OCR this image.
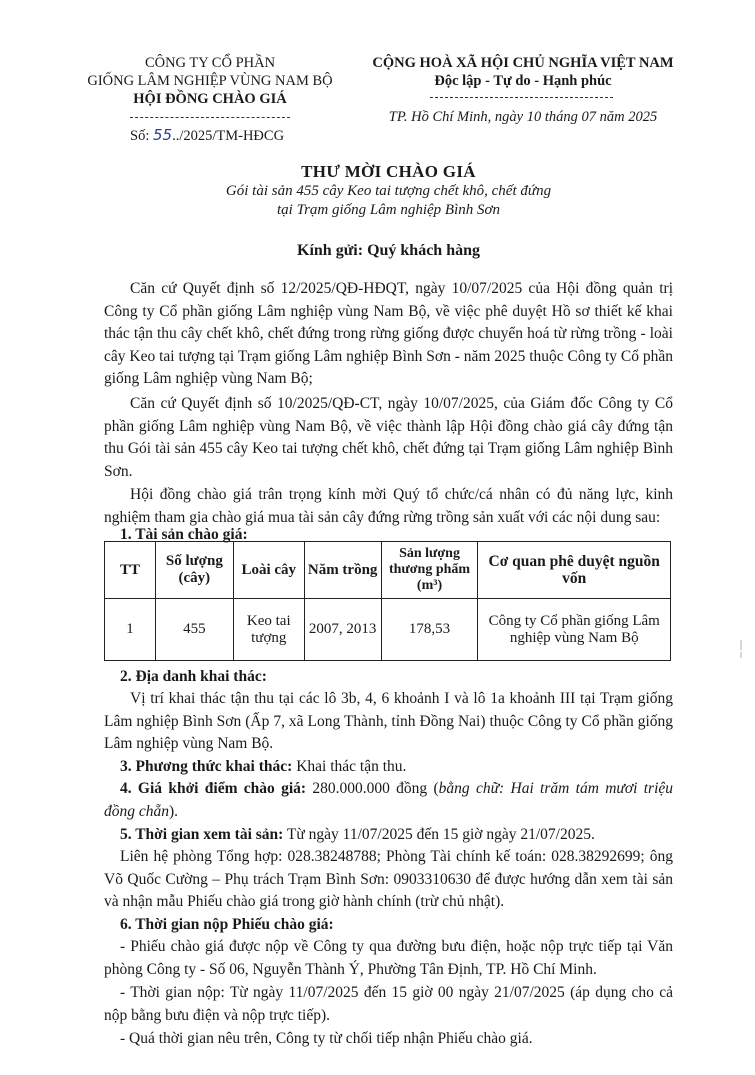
CÔNG TY CỔ PHẦN
GIỐNG LÂM NGHIỆP VÙNG NAM BỘ
HỘI ĐỒNG CHÀO GIÁ
Số: 55../2025/TM-HĐCG
CỘNG HOÀ XÃ HỘI CHỦ NGHĨA VIỆT NAM
Độc lập - Tự do - Hạnh phúc
TP. Hồ Chí Minh, ngày 10 tháng 07 năm 2025
THƯ MỜI CHÀO GIÁ
Gói tài sản 455 cây Keo tai tượng chết khô, chết đứng
tại Trạm giống Lâm nghiệp Bình Sơn
Kính gửi: Quý khách hàng
Căn cứ Quyết định số 12/2025/QĐ-HĐQT, ngày 10/07/2025 của Hội đồng quản trị Công ty Cổ phần giống Lâm nghiệp vùng Nam Bộ, về việc phê duyệt Hồ sơ thiết kế khai thác tận thu cây chết khô, chết đứng trong rừng giống được chuyển hoá từ rừng trồng - loài cây Keo tai tượng tại Trạm giống Lâm nghiệp Bình Sơn - năm 2025 thuộc Công ty Cổ phần giống Lâm nghiệp vùng Nam Bộ;
Căn cứ Quyết định số 10/2025/QĐ-CT, ngày 10/07/2025, của Giám đốc Công ty Cổ phần giống Lâm nghiệp vùng Nam Bộ, về việc thành lập Hội đồng chào giá cây đứng tận thu Gói tài sản 455 cây Keo tai tượng chết khô, chết đứng tại Trạm giống Lâm nghiệp Bình Sơn.
Hội đồng chào giá trân trọng kính mời Quý tổ chức/cá nhân có đủ năng lực, kinh nghiệm tham gia chào giá mua tài sản cây đứng rừng trồng sản xuất với các nội dung sau:
1. Tài sản chào giá:
TT	Số lượng (cây)	Loài cây	Năm trồng	Sản lượng thương phẩm (m³)	Cơ quan phê duyệt nguồn vốn
1	455	Keo tai tượng	2007, 2013	178,53	Công ty Cổ phần giống Lâm nghiệp vùng Nam Bộ
2. Địa danh khai thác:
Vị trí khai thác tận thu tại các lô 3b, 4, 6 khoảnh I và lô 1a khoảnh III tại Trạm giống Lâm nghiệp Bình Sơn (Ấp 7, xã Long Thành, tỉnh Đồng Nai) thuộc Công ty Cổ phần giống Lâm nghiệp vùng Nam Bộ.
3. Phương thức khai thác: Khai thác tận thu.
4. Giá khởi điểm chào giá: 280.000.000 đồng (bằng chữ: Hai trăm tám mươi triệu đồng chẵn).
5. Thời gian xem tài sản: Từ ngày 11/07/2025 đến 15 giờ ngày 21/07/2025.
Liên hệ phòng Tổng hợp: 028.38248788; Phòng Tài chính kế toán: 028.38292699; ông Võ Quốc Cường – Phụ trách Trạm Bình Sơn: 0903310630 để được hướng dẫn xem tài sản và nhận mẫu Phiếu chào giá trong giờ hành chính (trừ chủ nhật).
6. Thời gian nộp Phiếu chào giá:
- Phiếu chào giá được nộp về Công ty qua đường bưu điện, hoặc nộp trực tiếp tại Văn phòng Công ty - Số 06, Nguyễn Thành Ý, Phường Tân Định, TP. Hồ Chí Minh.
- Thời gian nộp: Từ ngày 11/07/2025 đến 15 giờ 00 ngày 21/07/2025 (áp dụng cho cả nộp bằng bưu điện và nộp trực tiếp).
- Quá thời gian nêu trên, Công ty từ chối tiếp nhận Phiếu chào giá.
